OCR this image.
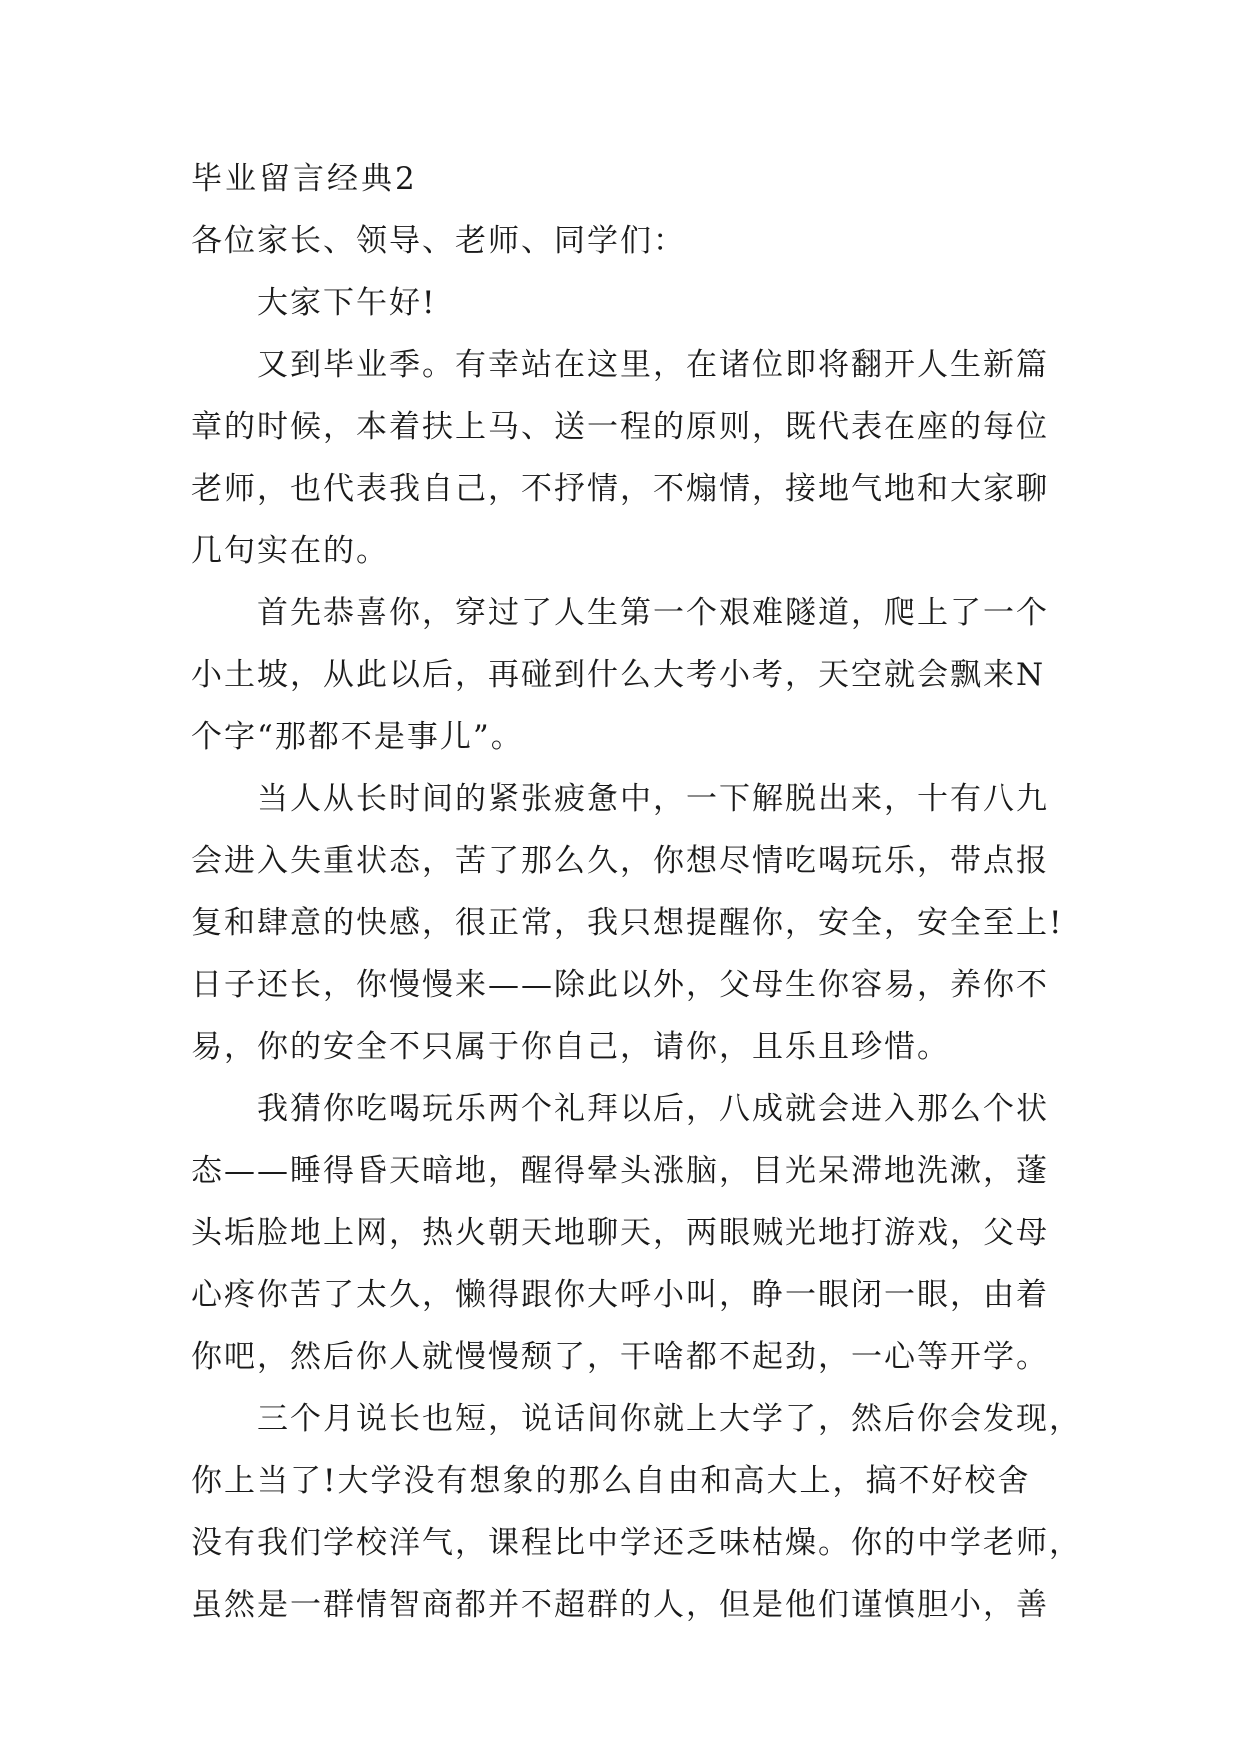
毕业留言经典2
各位家长、领导、老师、同学们：
大家下午好!
又到毕业季。有幸站在这里，在诸位即将翻开人生新篇
章的时候，本着扶上马、送一程的原则，既代表在座的每位
老师，也代表我自己，不抒情，不煽情，接地气地和大家聊
几句实在的。
首先恭喜你，穿过了人生第一个艰难隧道，爬上了一个
小土坡，从此以后，再碰到什么大考小考，天空就会飘来N
个字“那都不是事儿”。
当人从长时间的紧张疲惫中，一下解脱出来，十有八九
会进入失重状态，苦了那么久，你想尽情吃喝玩乐，带点报
复和肆意的快感，很正常，我只想提醒你，安全，安全至上!
日子还长，你慢慢来——除此以外，父母生你容易，养你不
易，你的安全不只属于你自己，请你，且乐且珍惜。
我猜你吃喝玩乐两个礼拜以后，八成就会进入那么个状
态——睡得昏天暗地，醒得晕头涨脑，目光呆滞地洗漱，蓬
头垢脸地上网，热火朝天地聊天，两眼贼光地打游戏，父母
心疼你苦了太久，懒得跟你大呼小叫，睁一眼闭一眼，由着
你吧，然后你人就慢慢颓了，干啥都不起劲，一心等开学。
三个月说长也短，说话间你就上大学了，然后你会发现，
你上当了!大学没有想象的那么自由和高大上，搞不好校舍
没有我们学校洋气，课程比中学还乏味枯燥。你的中学老师，
虽然是一群情智商都并不超群的人，但是他们谨慎胆小，善
